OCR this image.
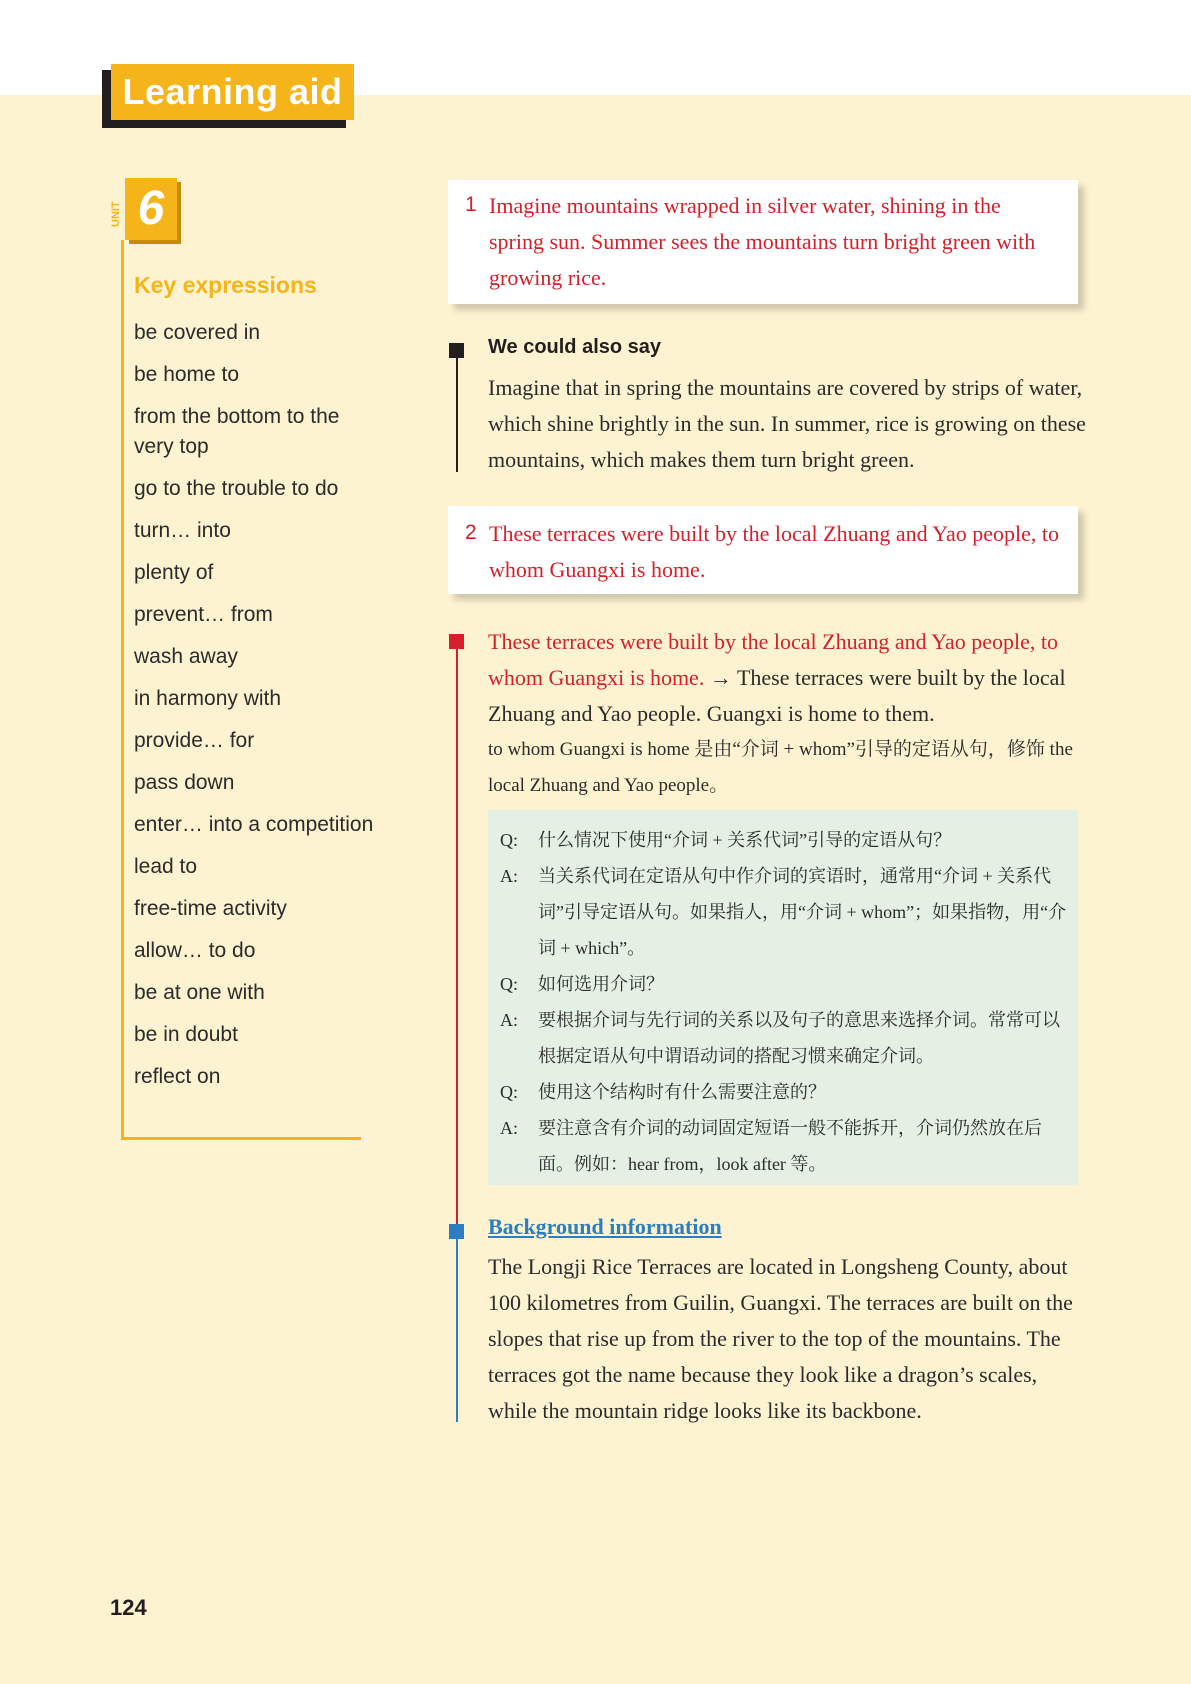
Learning aid
UNIT 6
Key expressions
be covered in
be home to
from the bottom to the very top
go to the trouble to do
turn… into
plenty of
prevent… from
wash away
in harmony with
provide… for
pass down
enter… into a competition
lead to
free-time activity
allow… to do
be at one with
be in doubt
reflect on
1 Imagine mountains wrapped in silver water, shining in the spring sun. Summer sees the mountains turn bright green with growing rice.
We could also say
Imagine that in spring the mountains are covered by strips of water, which shine brightly in the sun. In summer, rice is growing on these mountains, which makes them turn bright green.
2 These terraces were built by the local Zhuang and Yao people, to whom Guangxi is home.
These terraces were built by the local Zhuang and Yao people, to whom Guangxi is home. → These terraces were built by the local Zhuang and Yao people. Guangxi is home to them.
to whom Guangxi is home 是由“介词 + whom”引导的定语从句，修饰 the local Zhuang and Yao people。
Q: 什么情况下使用“介词 + 关系代词”引导的定语从句？
A: 当关系代词在定语从句中作介词的宾语时，通常用“介词 + 关系代词”引导定语从句。如果指人，用“介词 + whom”；如果指物，用“介词 + which”。
Q: 如何选用介词？
A: 要根据介词与先行词的关系以及句子的意思来选择介词。常常可以根据定语从句中谓语动词的搭配习惯来确定介词。
Q: 使用这个结构时有什么需要注意的？
A: 要注意含有介词的动词固定短语一般不能拆开，介词仍然放在后面。例如：hear from，look after 等。
Background information
The Longji Rice Terraces are located in Longsheng County, about 100 kilometres from Guilin, Guangxi. The terraces are built on the slopes that rise up from the river to the top of the mountains. The terraces got the name because they look like a dragon’s scales, while the mountain ridge looks like its backbone.
124
